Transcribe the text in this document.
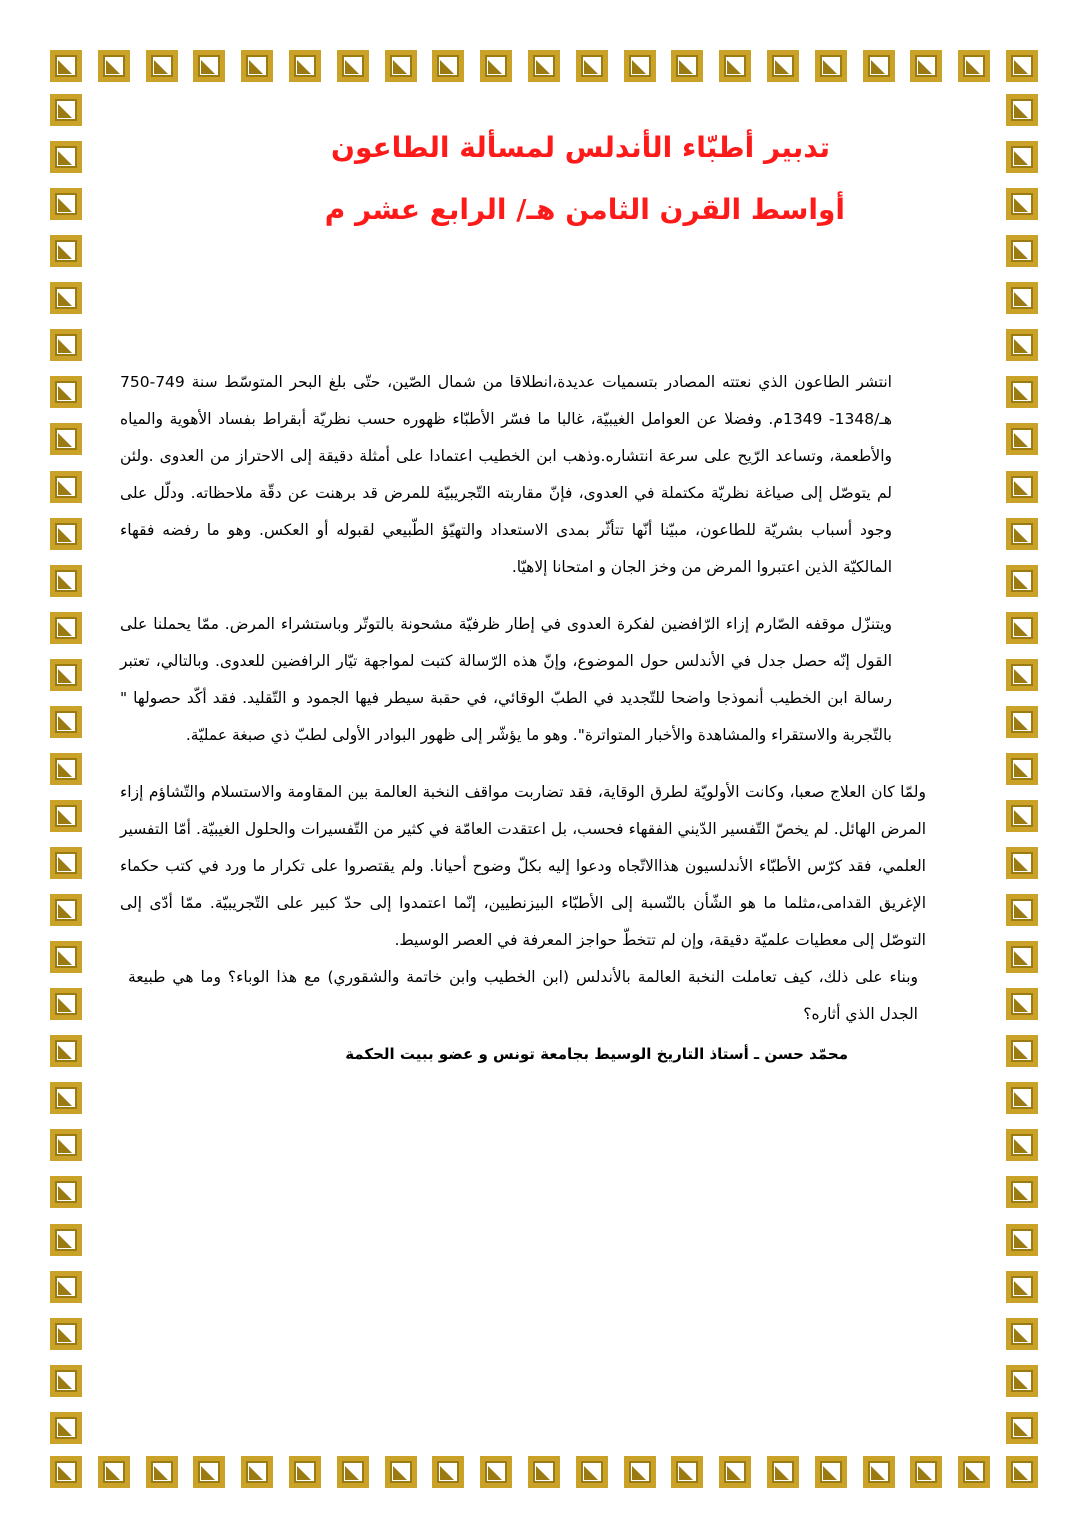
تدبير أطبّاء الأندلس لمسألة الطاعون
أواسط القرن الثامن هـ/ الرابع عشر م

انتشر الطاعون الذي نعتته المصادر بتسميات عديدة،انطلاقا من شمال الصّين، حتّى بلغ البحر المتوسّط سنة 749-750 هـ/1348- 1349م. وفضلا عن العوامل الغيبيّة، غالبا ما فسّر الأطبّاء ظهوره حسب نظريّة أبقراط بفساد الأهوية والمياه والأطعمة، وتساعد الرّيح على سرعة انتشاره.وذهب ابن الخطيب اعتمادا على أمثلة دقيقة إلى الاحتراز من العدوى .ولئن لم يتوصّل إلى صياغة نظريّة مكتملة في العدوى، فإنّ مقاربته التّجريبيّة للمرض قد برهنت عن دقّة ملاحظاته. ودلّل على وجود أسباب بشريّة للطاعون، مبيّنا أنّها تتأثّر بمدى الاستعداد والتهيّؤ الطّبيعي لقبوله أو العكس. وهو ما رفضه فقهاء المالكيّة الذين اعتبروا المرض من وخز الجان و امتحانا إلاهيّا.

ويتنزّل موقفه الصّارم إزاء الرّافضين لفكرة العدوى في إطار ظرفيّة مشحونة بالتوتّر وباستشراء المرض. ممّا يحملنا على القول إنّه حصل جدل في الأندلس حول الموضوع، وإنّ هذه الرّسالة كتبت لمواجهة تيّار الرافضين للعدوى. وبالتالي، تعتبر رسالة ابن الخطيب أنموذجا واضحا للتّجديد في الطبّ الوقائي، في حقبة سيطر فيها الجمود و التّقليد. فقد أكّد حصولها " بالتّجربة والاستقراء والمشاهدة والأخبار المتواترة". وهو ما يؤشّر إلى ظهور البوادر الأولى لطبّ ذي صبغة عمليّة.

ولمّا كان العلاج صعبا، وكانت الأولويّة لطرق الوقاية، فقد تضاربت مواقف النخبة العالمة بين المقاومة والاستسلام والتّشاؤم إزاء المرض الهائل. لم يخصّ التّفسير الدّيني الفقهاء فحسب، بل اعتقدت العامّة في كثير من التّفسيرات والحلول الغيبيّة. أمّا التفسير العلمي، فقد كرّس الأطبّاء الأندلسيون هذاالاتّجاه ودعوا إليه بكلّ وضوح أحيانا. ولم يقتصروا على تكرار ما ورد في كتب حكماء الإغريق القدامى،مثلما ما هو الشّأن بالنّسبة إلى الأطبّاء البيزنطيين، إنّما اعتمدوا إلى حدّ كبير على التّجريبيّة. ممّا أدّى إلى التوصّل إلى معطيات علميّة دقيقة، وإن لم تتخطّ حواجز المعرفة في العصر الوسيط.

وبناء على ذلك، كيف تعاملت النخبة العالمة بالأندلس (ابن الخطيب وابن خاتمة والشقوري) مع هذا الوباء؟ وما هي طبيعة الجدل الذي أثاره؟

محمّد حسن ـ أستاذ التاريخ الوسيط بجامعة تونس و عضو ببيت الحكمة
